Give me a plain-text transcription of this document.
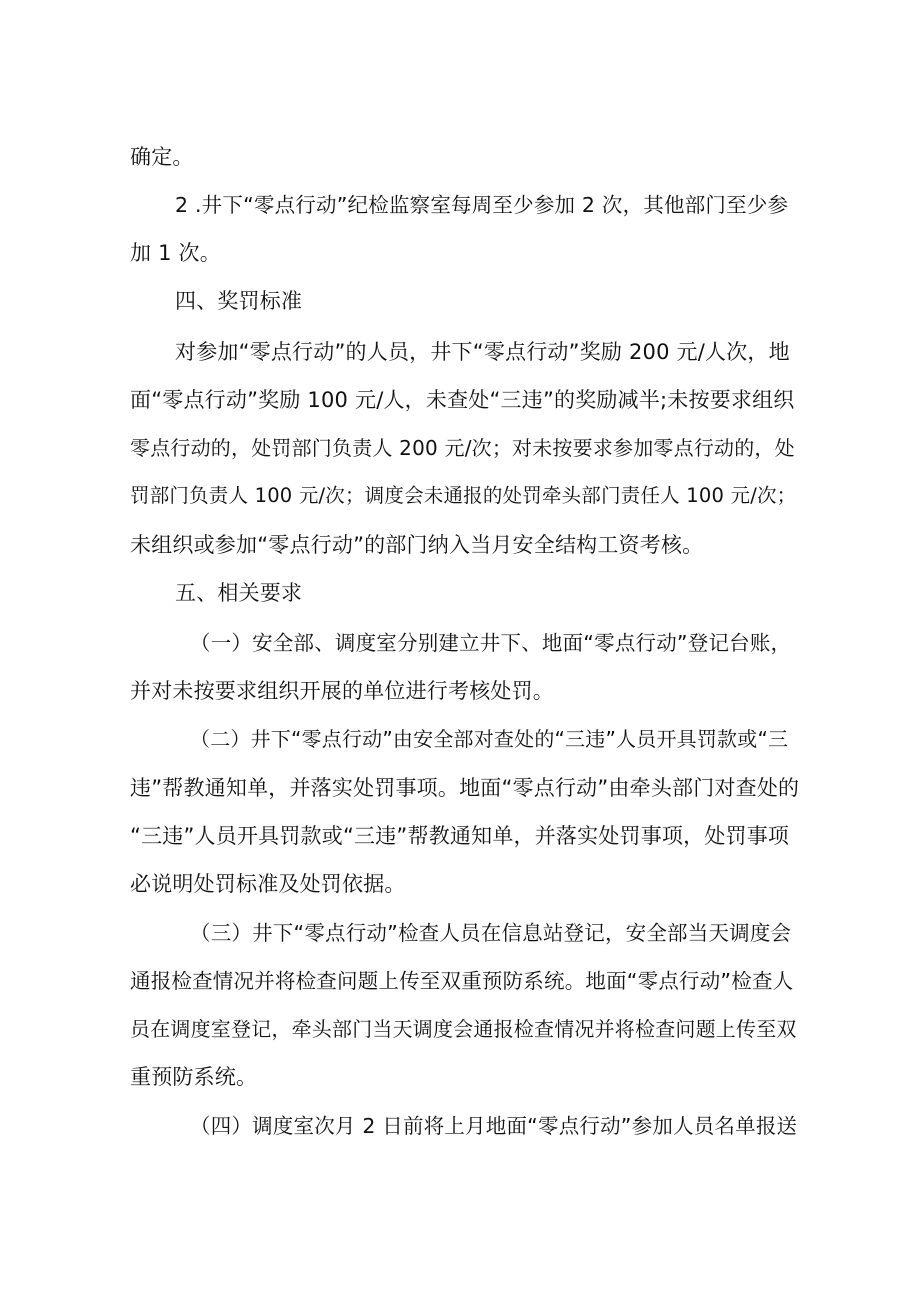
确定。
2 .井下“零点行动”纪检监察室每周至少参加 2 次，其他部门至少参
加 1 次。
四、奖罚标准
对参加“零点行动”的人员，井下“零点行动”奖励 200 元/人次，地
面“零点行动”奖励 100 元/人，未查处“三违”的奖励减半;未按要求组织
零点行动的，处罚部门负责人 200 元/次；对未按要求参加零点行动的，处
罚部门负责人 100 元/次；调度会未通报的处罚牵头部门责任人 100 元/次；
未组织或参加“零点行动”的部门纳入当月安全结构工资考核。
五、相关要求
（一）安全部、调度室分别建立井下、地面“零点行动”登记台账，
并对未按要求组织开展的单位进行考核处罚。
（二）井下“零点行动”由安全部对查处的“三违”人员开具罚款或“三
违”帮教通知单，并落实处罚事项。地面“零点行动”由牵头部门对查处的
“三违”人员开具罚款或“三违”帮教通知单，并落实处罚事项，处罚事项
必说明处罚标准及处罚依据。
（三）井下“零点行动”检查人员在信息站登记，安全部当天调度会
通报检查情况并将检查问题上传至双重预防系统。地面“零点行动”检查人
员在调度室登记，牵头部门当天调度会通报检查情况并将检查问题上传至双
重预防系统。
（四）调度室次月 2 日前将上月地面“零点行动”参加人员名单报送
